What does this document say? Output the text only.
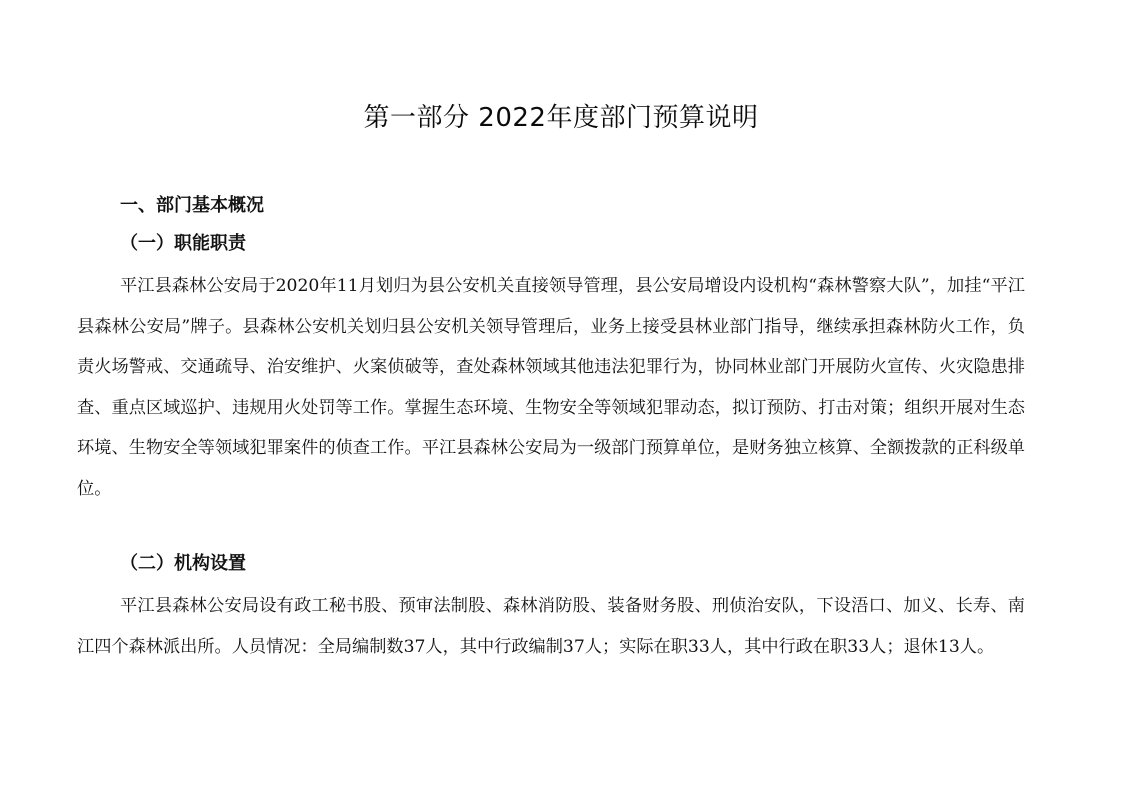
第一部分 2022年度部门预算说明
一、部门基本概况
（一）职能职责

平江县森林公安局于2020年11月划归为县公安机关直接领导管理，县公安局增设内设机构“森林警察大队”，加挂“平江县森林公安局”牌子。县森林公安机关划归县公安机关领导管理后，业务上接受县林业部门指导，继续承担森林防火工作，负责火场警戒、交通疏导、治安维护、火案侦破等，查处森林领域其他违法犯罪行为，协同林业部门开展防火宣传、火灾隐患排查、重点区域巡护、违规用火处罚等工作。掌握生态环境、生物安全等领域犯罪动态，拟订预防、打击对策；组织开展对生态环境、生物安全等领域犯罪案件的侦查工作。平江县森林公安局为一级部门预算单位，是财务独立核算、全额拨款的正科级单位。

（二）机构设置

平江县森林公安局设有政工秘书股、预审法制股、森林消防股、装备财务股、刑侦治安队，下设浯口、加义、长寿、南江四个森林派出所。人员情况：全局编制数37人，其中行政编制37人；实际在职33人，其中行政在职33人；退休13人。
